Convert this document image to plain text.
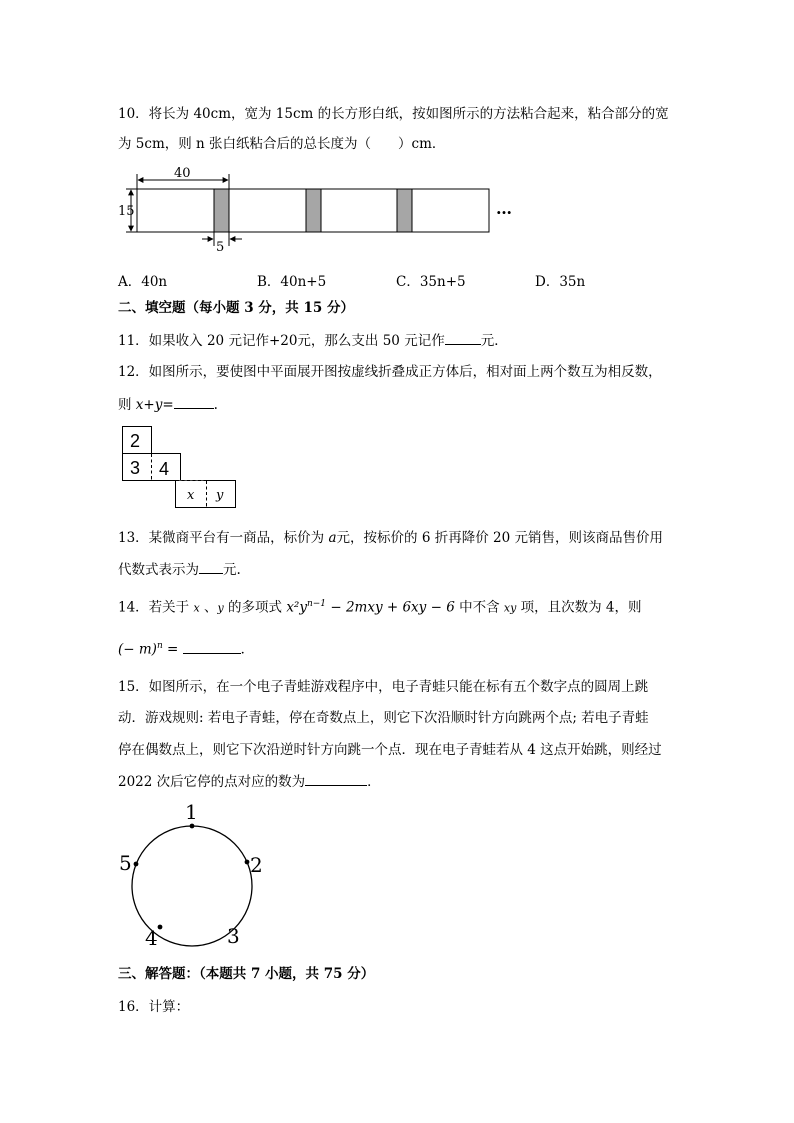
10．将长为 40cm，宽为 15cm 的长方形白纸，按如图所示的方法粘合起来，粘合部分的宽
为 5cm，则 n 张白纸粘合后的总长度为（　　）cm．
40
15
5
…
A．40n	B．40n+5	C．35n+5	D．35n
二、填空题（每小题 3 分，共 15 分）
11．如果收入 20 元记作+20元，那么支出 50 元记作	元．
12．如图所示，要使图中平面展开图按虚线折叠成正方体后，相对面上两个数互为相反数，
则 x+y=	.
2
3 4
x y
13．某微商平台有一商品，标价为 a元，按标价的 6 折再降价 20 元销售，则该商品售价用
代数式表示为 元.
14．若关于 x 、y 的多项式 $x^2y^{n-1} - 2mxy + 6xy - 6$ 中不含 xy 项，且次数为 4，则
(− m)$^n$ =	．
15．如图所示，在一个电子青蛙游戏程序中，电子青蛙只能在标有五个数字点的圆周上跳
动．游戏规则: 若电子青蛙，停在奇数点上，则它下次沿顺时针方向跳两个点; 若电子青蛙
停在偶数点上，则它下次沿逆时针方向跳一个点．现在电子青蛙若从 4 这点开始跳，则经过
2022 次后它停的点对应的数为	．
1
2
3
4
5
三、解答题：（本题共 7 小题，共 75 分）
16．计算：
